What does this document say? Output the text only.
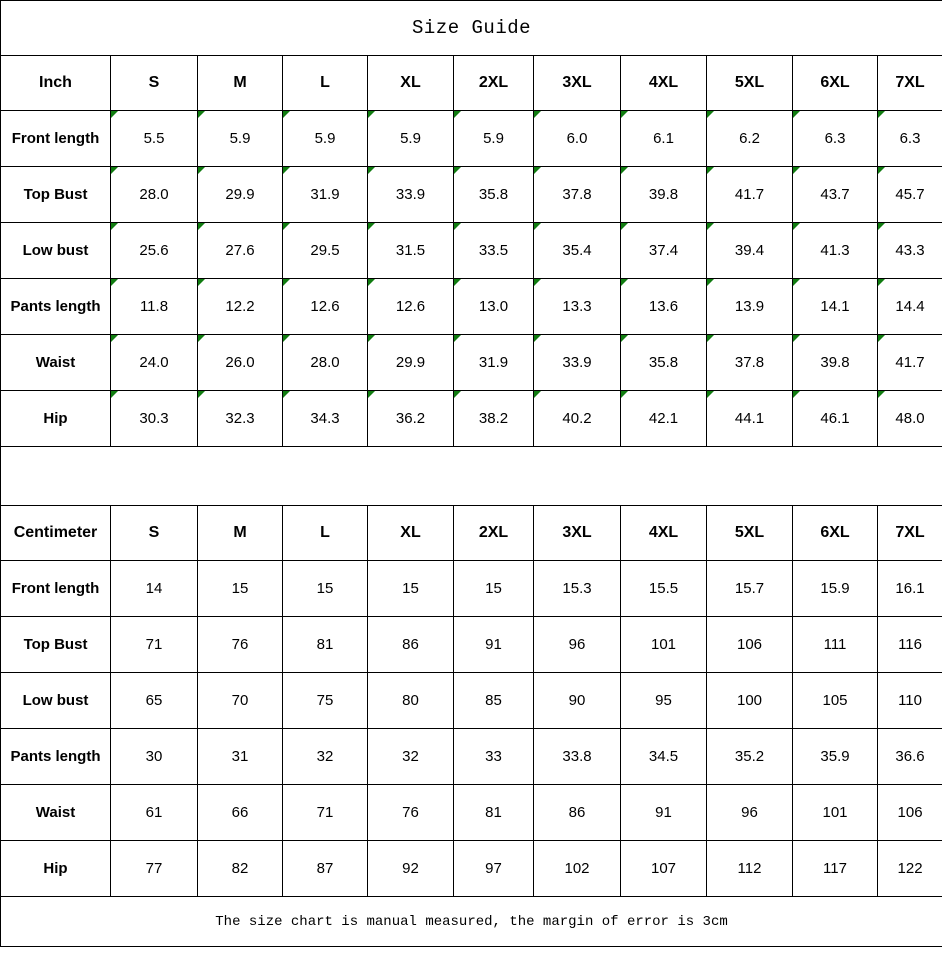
Size Guide										
Inch	S	M	L	XL	2XL	3XL	4XL	5XL	6XL	7XL
Front length	5.5	5.9	5.9	5.9	5.9	6.0	6.1	6.2	6.3	6.3

Top Bust	28.0	29.9	31.9	33.9	35.8	37.8	39.8	41.7	43.7	45.7

Low bust	25.6	27.6	29.5	31.5	33.5	35.4	37.4	39.4	41.3	43.3

Pants length	11.8	12.2	12.6	12.6	13.0	13.3	13.6	13.9	14.1	14.4

Waist	24.0	26.0	28.0	29.9	31.9	33.9	35.8	37.8	39.8	41.7

Hip	30.3	32.3	34.3	36.2	38.2	40.2	42.1	44.1	46.1	48.0

Centimeter	S	M	L	XL	2XL	3XL	4XL	5XL	6XL	7XL
Front length	14	15	15	15	15	15.3	15.5	15.7	15.9	16.1
Top Bust	71	76	81	86	91	96	101	106	111	116
Low bust	65	70	75	80	85	90	95	100	105	110
Pants length	30	31	32	32	33	33.8	34.5	35.2	35.9	36.6
Waist	61	66	71	76	81	86	91	96	101	106
Hip	77	82	87	92	97	102	107	112	117	122
The size chart is manual measured, the margin of error is 3cm										
